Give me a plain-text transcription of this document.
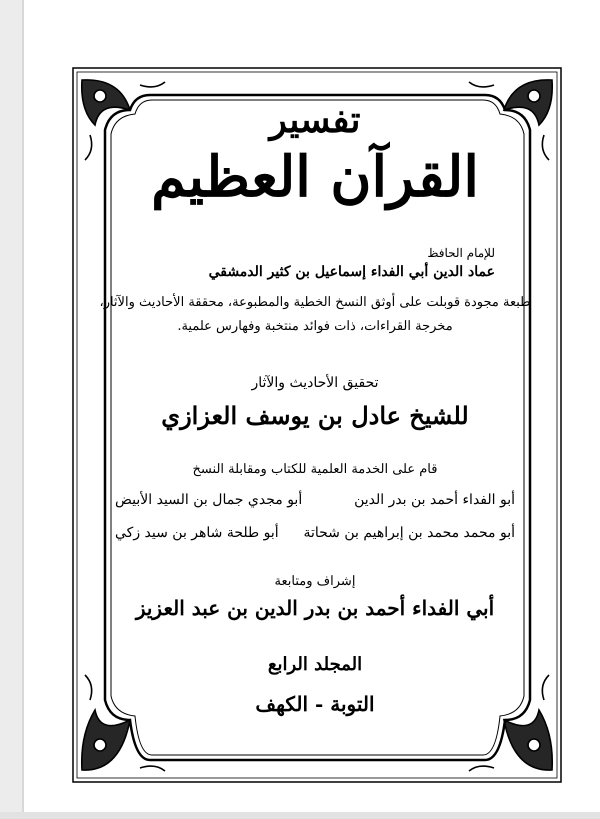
تفسير

القرآن العظيم

للإمام الحافظ

عماد الدين أبي الفداء إسماعيل بن كثير الدمشقي

طبعة مجودة قوبلت على أوثق النسخ الخطية والمطبوعة، محققة الأحاديث والآثار،

مخرجة القراءات، ذات فوائد منتخبة وفهارس علمية.

تحقيق الأحاديث والآثار

للشيخ عادل بن يوسف العزازي

قام على الخدمة العلمية للكتاب ومقابلة النسخ

أبو الفداء أحمد بن بدر الدين

أبو مجدي جمال بن السيد الأبيض

أبو محمد محمد بن إبراهيم بن شحاتة

أبو طلحة شاهر بن سيد زكي

إشراف ومتابعة

أبي الفداء أحمد بن بدر الدين بن عبد العزيز

المجلد الرابع

التوبة - الكهف
